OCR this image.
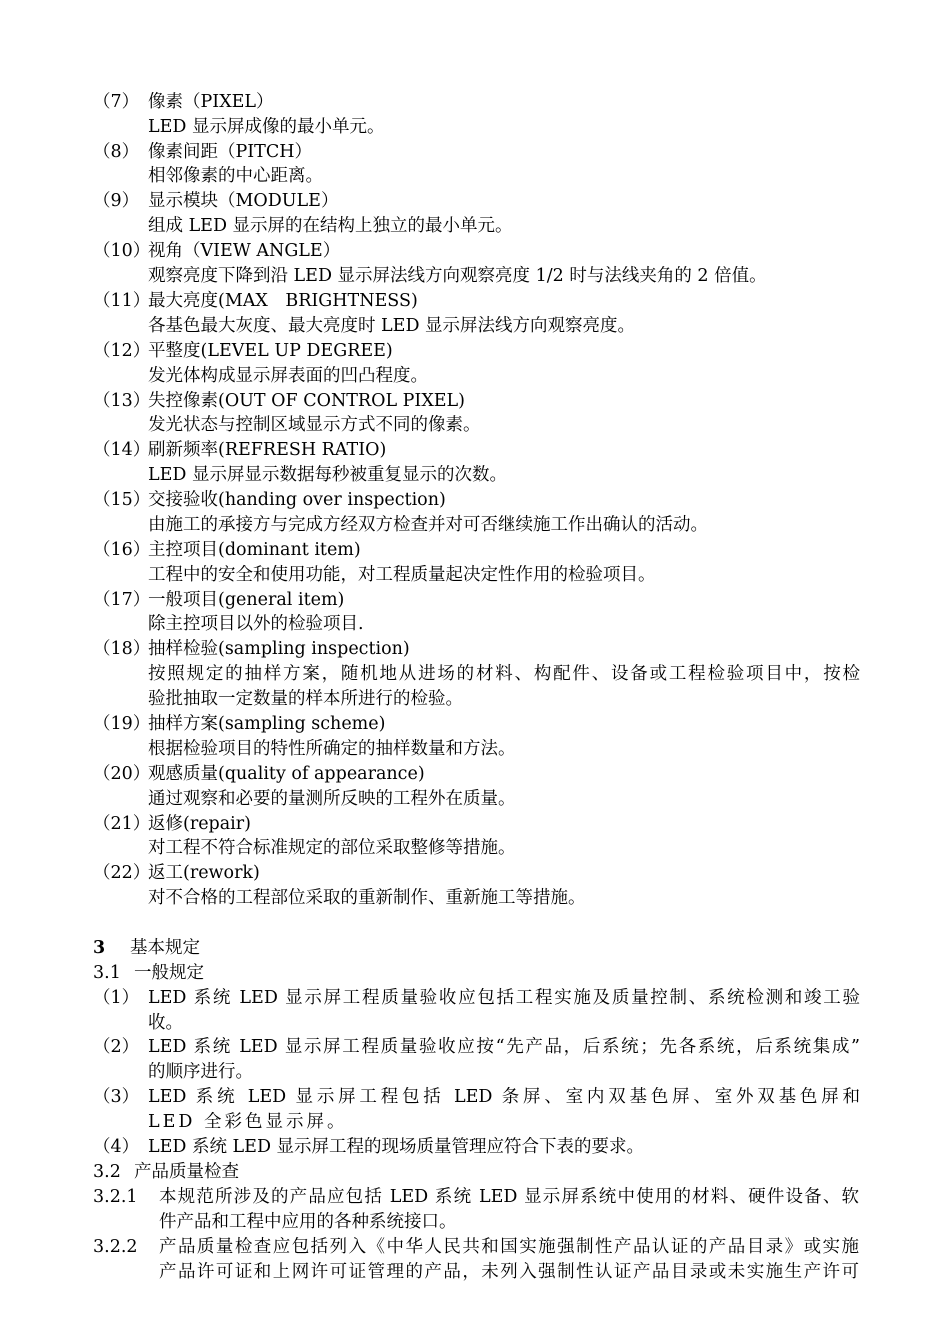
（7） 像素（PIXEL）
LED 显示屏成像的最小单元。
（8） 像素间距（PITCH）
相邻像素的中心距离。
（9） 显示模块（MODULE）
组成 LED 显示屏的在结构上独立的最小单元。
（10）
视角（VIEW ANGLE）
观察亮度下降到沿 LED 显示屏法线方向观察亮度 1/2 时与法线夹角的 2 倍值。
（11）
最大亮度(MAX　BRIGHTNESS)
各基色最大灰度、最大亮度时 LED 显示屏法线方向观察亮度。
（12）
平整度(LEVEL UP DEGREE)
发光体构成显示屏表面的凹凸程度。
（13）
失控像素(OUT OF CONTROL PIXEL)
发光状态与控制区域显示方式不同的像素。
（14）
刷新频率(REFRESH RATIO)
LED 显示屏显示数据每秒被重复显示的次数。
（15）
交接验收(handing over inspection)
由施工的承接方与完成方经双方检查并对可否继续施工作出确认的活动。
（16）
主控项目(dominant item)
工程中的安全和使用功能，对工程质量起决定性作用的检验项目。
（17）
一般项目(general item)
除主控项目以外的检验项目.
（18）
抽样检验(sampling inspection)
按照规定的抽样方案，随机地从进场的材料、构配件、设备或工程检验项目中，按检
验批抽取一定数量的样本所进行的检验。
（19）
抽样方案(sampling scheme)
根据检验项目的特性所确定的抽样数量和方法。
（20）
观感质量(quality of appearance)
通过观察和必要的量测所反映的工程外在质量。
（21）
返修(repair)
对工程不符合标准规定的部位采取整修等措施。
（22）
返工(rework)
对不合格的工程部位采取的重新制作、重新施工等措施。
3 基本规定
3.1 一般规定
（1） LED 系统 LED 显示屏工程质量验收应包括工程实施及质量控制、系统检测和竣工验
收。
（2） LED 系统 LED 显示屏工程质量验收应按“先产品，后系统；先各系统，后系统集成”
的顺序进行。
（3） LED 系统 LED 显示屏工程包括 LED 条屏、室内双基色屏、室外双基色屏和
LED 全彩色显示屏。
（4） LED 系统 LED 显示屏工程的现场质量管理应符合下表的要求。
3.2 产品质量检查
3.2.1 本规范所涉及的产品应包括 LED 系统 LED 显示屏系统中使用的材料、硬件设备、软
件产品和工程中应用的各种系统接口。
3.2.2 产品质量检查应包括列入《中华人民共和国实施强制性产品认证的产品目录》或实施
产品许可证和上网许可证管理的产品，未列入强制性认证产品目录或未实施生产许可
